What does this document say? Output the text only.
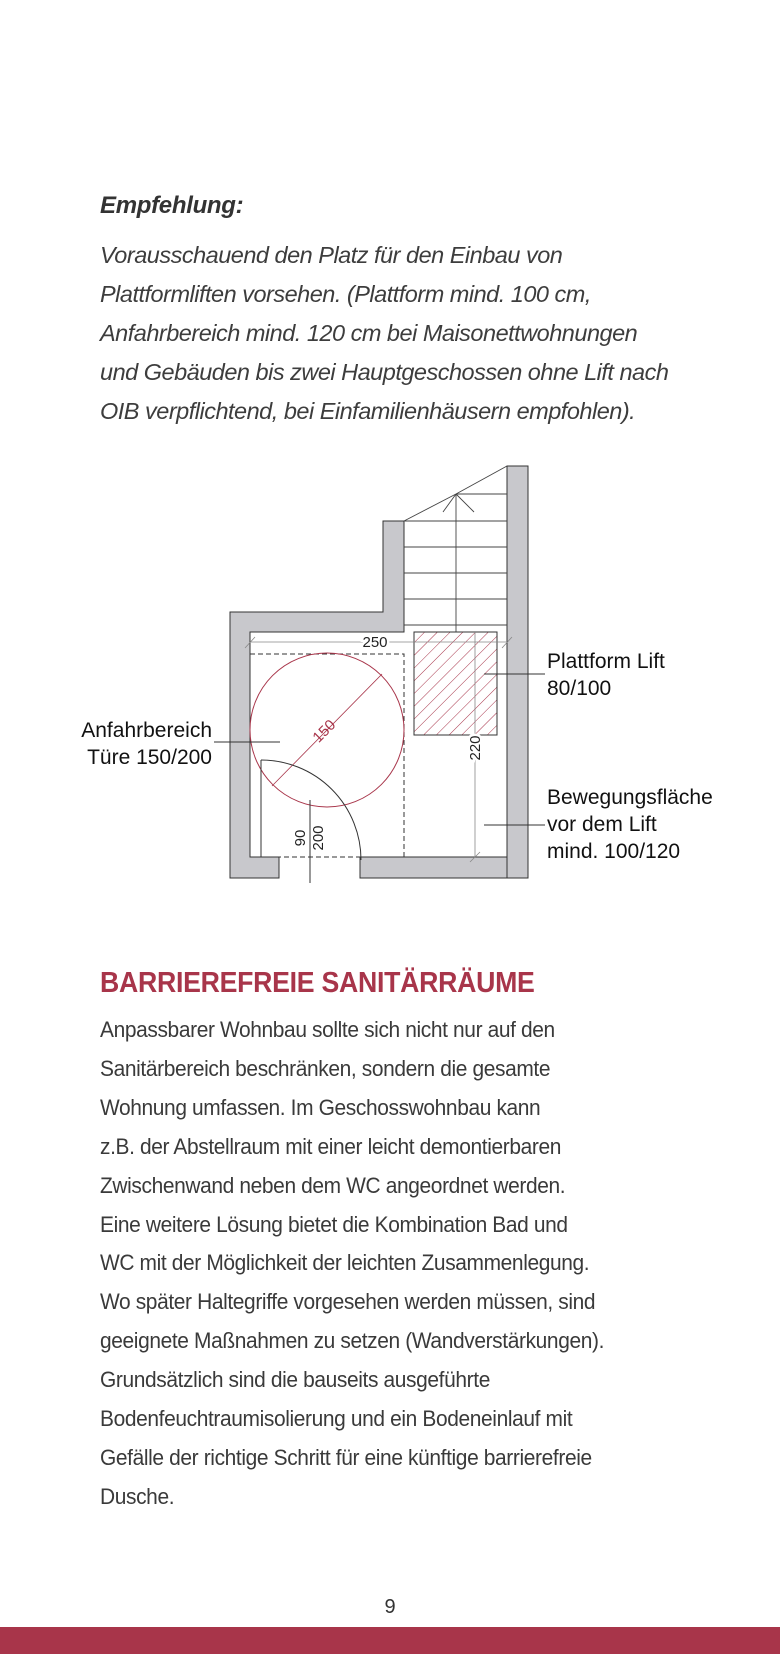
Empfehlung:
Vorausschauend den Platz für den Einbau von
Plattformliften vorsehen. (Plattform mind. 100 cm,
Anfahrbereich mind. 120 cm bei Maisonettwohnungen
und Gebäuden bis zwei Hauptgeschossen ohne Lift nach
OIB verpflichtend, bei Einfamilienhäusern empfohlen).
150
250
220
90 200
Anfahrbereich
Türe 150/200
Plattform Lift
80/100
Bewegungsfläche
vor dem Lift
mind. 100/120
BARRIEREFREIE SANITÄRRÄUME
Anpassbarer Wohnbau sollte sich nicht nur auf den
Sanitärbereich beschränken, sondern die gesamte
Wohnung umfassen. Im Geschosswohnbau kann
z.B. der Abstellraum mit einer leicht demontierbaren
Zwischenwand neben dem WC angeordnet werden.
Eine weitere Lösung bietet die Kombination Bad und
WC mit der Möglichkeit der leichten Zusammenlegung.
Wo später Haltegriffe vorgesehen werden müssen, sind
geeignete Maßnahmen zu setzen (Wandverstärkungen).
Grundsätzlich sind die bauseits ausgeführte
Bodenfeuchtraumisolierung und ein Bodeneinlauf mit
Gefälle der richtige Schritt für eine künftige barrierefreie
Dusche.
9
